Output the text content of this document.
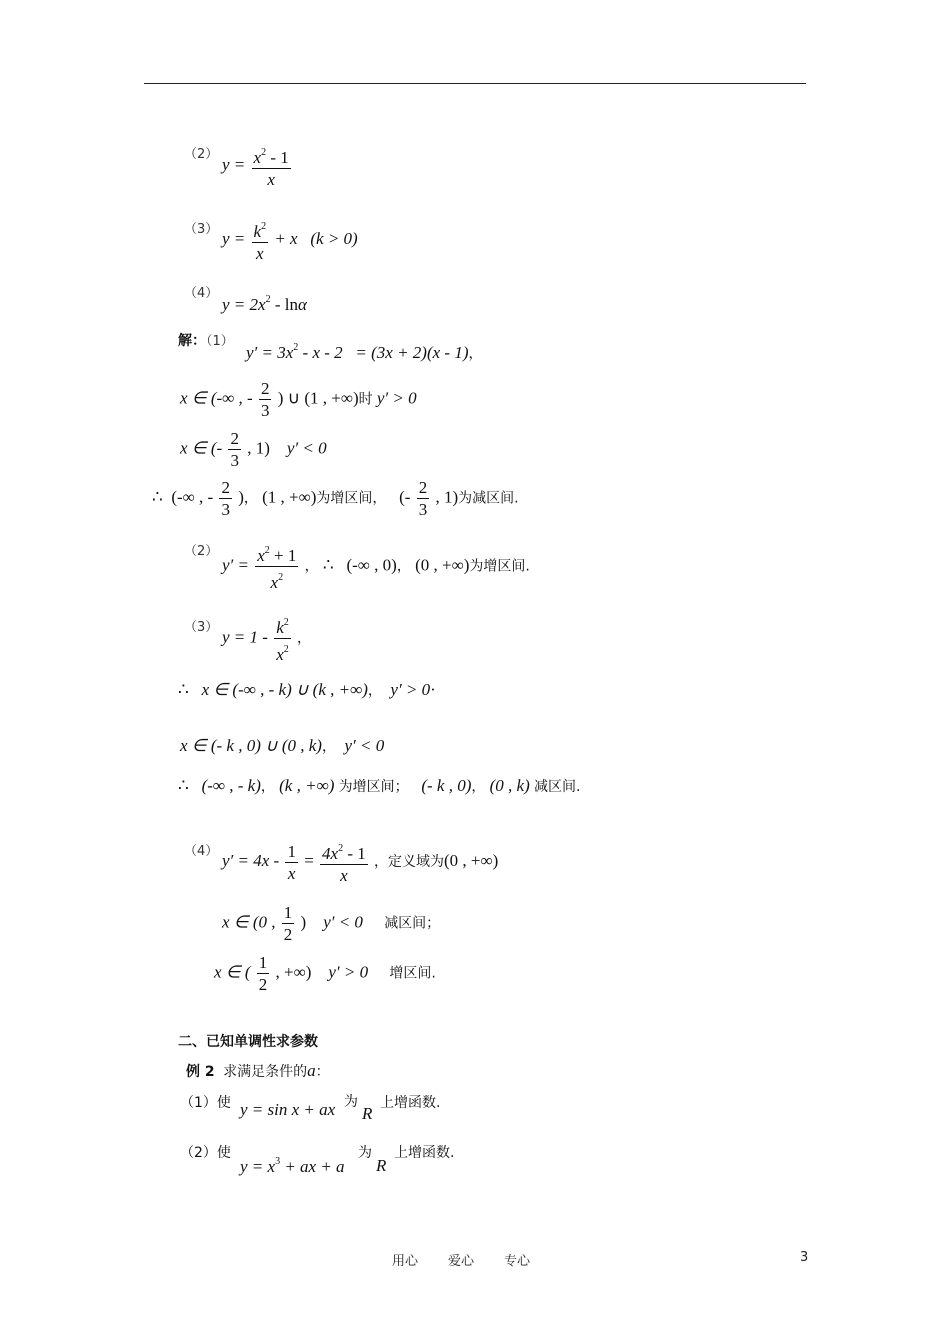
（2）
$y = \frac{x^2 - 1}{x}$
（3） $y = \frac{k^2}{x} + x$ (k > 0)
（4）
$y = 2x^2 - \ln\alpha$
解：（1）
$y' = 3x^2 - x - 2 = (3x + 2)(x - 1)$，
x ∈ (-∞ , - $\frac{2}{3}$ ) ∪ (1 , +∞)时 y′ > 0
x ∈ (- $\frac{2}{3}$ , 1) y′ < 0
∴ (-∞ , - $\frac{2}{3}$ )， (1 , +∞)为增区间， (- $\frac{2}{3}$ , 1)为减区间.
（2）
$y' = \frac{x^2 + 1}{x^2}$ ， ∴ (-∞ , 0)， (0 , +∞)为增区间.
（3） $y = 1 - \frac{k^2}{x^2}$ ，
∴ x ∈ (-∞ , - k) ∪ (k , +∞)， y′ > 0·
x ∈ (- k , 0) ∪ (0 , k)， y′ < 0
∴ (-∞ , - k)， (k , +∞) 为增区间； (- k , 0)， (0 , k) 减区间.
（4） $y' = 4x - \frac{1}{x} = \frac{4x^2 - 1}{x}$ ，定义域为(0 , +∞)
x ∈ (0 , $\frac{1}{2}$ ) y′ < 0 减区间；
x ∈ ( $\frac{1}{2}$ , +∞) y′ > 0 增区间.
二、已知单调性求参数
例 2 求满足条件的a：
（1）使 y = sin x + ax 为
R
上增函数.
（2）使
$y = x^3$ + ax + a
为
R
上增函数.
用心 爱心 专心	3
